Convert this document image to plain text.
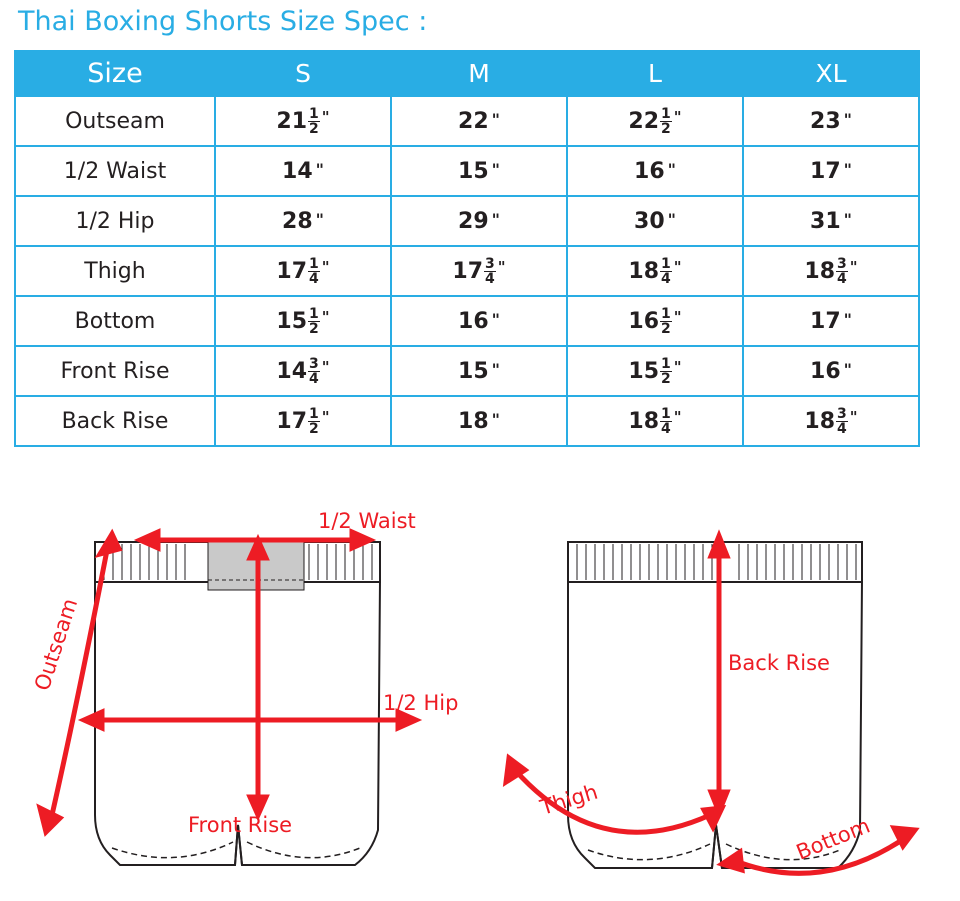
Thai Boxing Shorts Size Spec :
Size	S	M	L	XL
Outseam	$21 \frac{1}{2}$ "	22 "	$22 \frac{1}{2}$ "	23 "
1/2 Waist	14 "	15 "	16 "	17 "
1/2 Hip	28 "	29 "	30 "	31 "
Thigh	$17 \frac{1}{4}$ "	$17 \frac{3}{4}$ "	$18 \frac{1}{4}$ "	$18 \frac{3}{4}$ "
Bottom	$15 \frac{1}{2}$ "	16 "	$16 \frac{1}{2}$ "	17 "
Front Rise	$14 \frac{3}{4}$ "	15 "	$15 \frac{1}{2}$ "	16 "
Back Rise	$17 \frac{1}{2}$ "	18 "	$18 \frac{1}{4}$ "	$18 \frac{3}{4}$ "
1/2 Waist
Outseam
1/2 Hip
Front Rise
Back Rise
Thigh
Bottom
